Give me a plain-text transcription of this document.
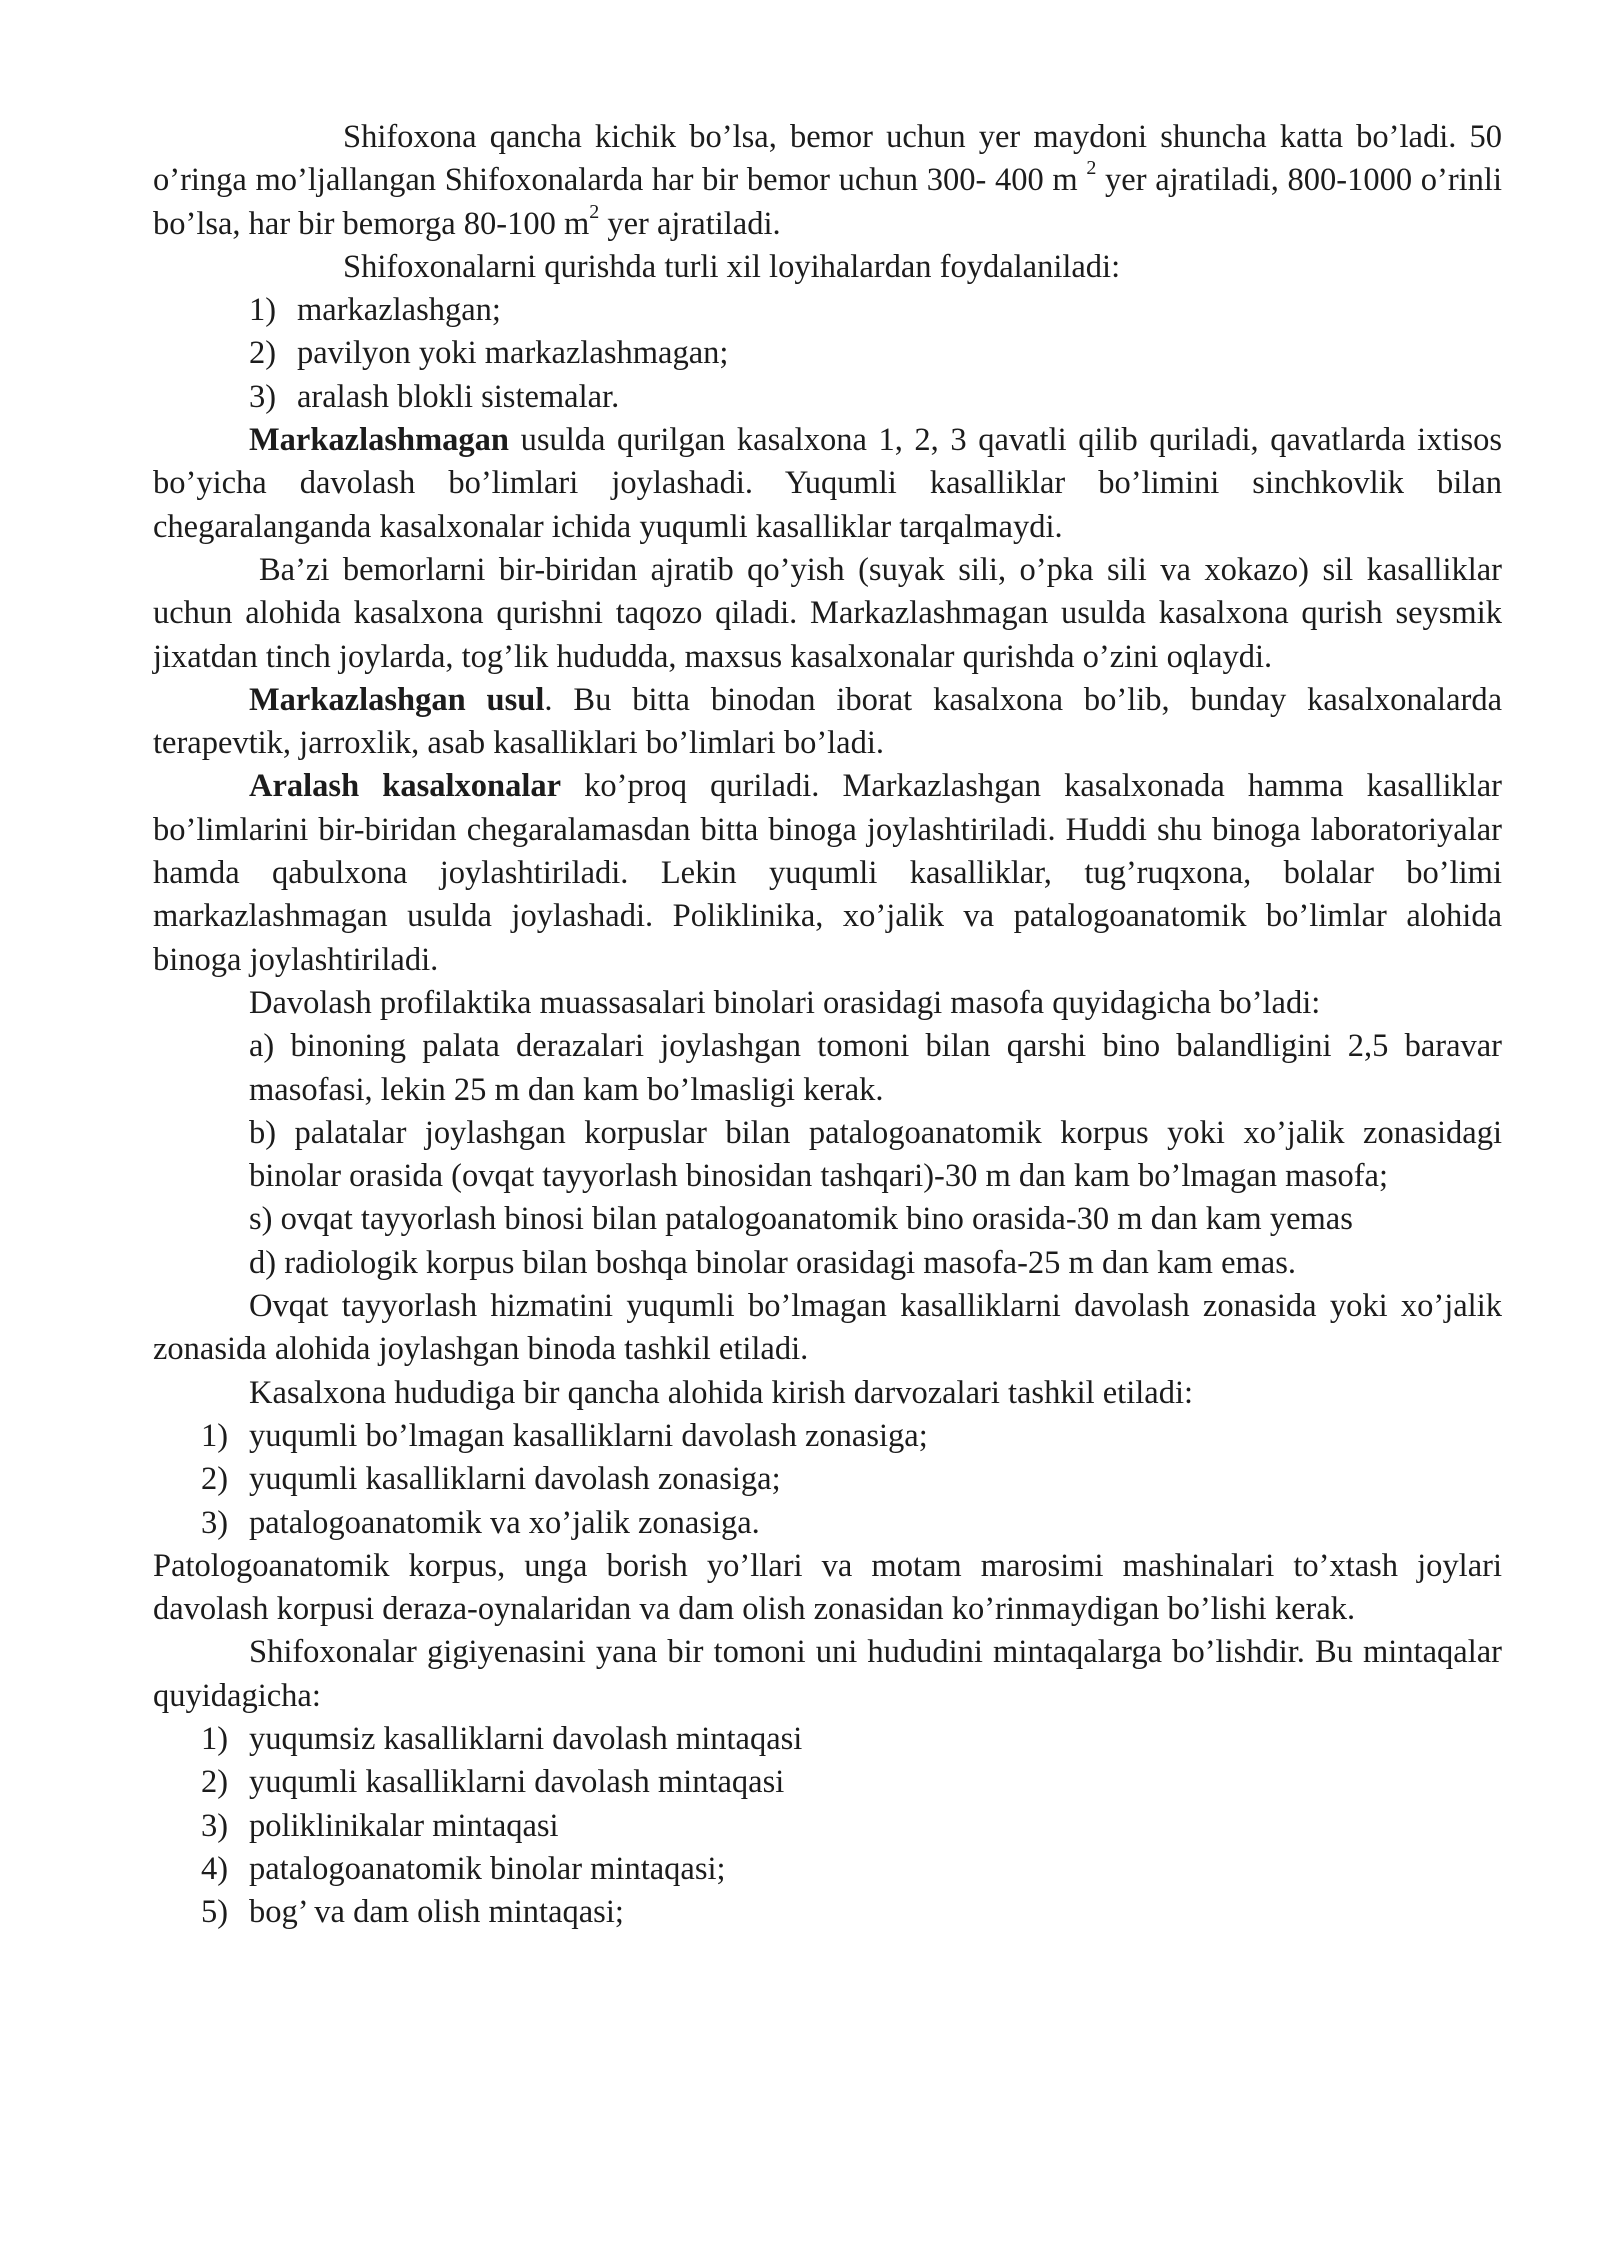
Shifoxona qancha kichik bo’lsa, bemor uchun yer maydoni shuncha katta bo’ladi. 50 o’ringa mo’ljallangan Shifoxonalarda har bir bemor uchun 300- 400 m $^2$ yer ajratiladi, 800-1000 o’rinli bo’lsa, har bir bemorga 80-100 $m^2$ yer ajratiladi.

Shifoxonalarni qurishda turli xil loyihalardan foydalaniladi:

1) markazlashgan;
2) pavilyon yoki markazlashmagan;
3) aralash blokli sistemalar.

Markazlashmagan usulda qurilgan kasalxona 1, 2, 3 qavatli qilib quriladi, qavatlarda ixtisos bo’yicha davolash bo’limlari joylashadi. Yuqumli kasalliklar bo’limini sinchkovlik bilan chegaralanganda kasalxonalar ichida yuqumli kasalliklar tarqalmaydi.

Ba’zi bemorlarni bir-biridan ajratib qo’yish (suyak sili, o’pka sili va xokazo) sil kasalliklar uchun alohida kasalxona qurishni taqozo qiladi. Markazlashmagan usulda kasalxona qurish seysmik jixatdan tinch joylarda, tog’lik hududda, maxsus kasalxonalar qurishda o’zini oqlaydi.

Markazlashgan usul. Bu bitta binodan iborat kasalxona bo’lib, bunday kasalxonalarda terapevtik, jarroxlik, asab kasalliklari bo’limlari bo’ladi.

Aralash kasalxonalar ko’proq quriladi. Markazlashgan kasalxonada hamma kasalliklar bo’limlarini bir-biridan chegaralamasdan bitta binoga joylashtiriladi. Huddi shu binoga laboratoriyalar hamda qabulxona joylashtiriladi. Lekin yuqumli kasalliklar, tug’ruqxona, bolalar bo’limi markazlashmagan usulda joylashadi. Poliklinika, xo’jalik va patalogoanatomik bo’limlar alohida binoga joylashtiriladi.

Davolash profilaktika muassasalari binolari orasidagi masofa quyidagicha bo’ladi:

a) binoning palata derazalari joylashgan tomoni bilan qarshi bino balandligini 2,5 baravar masofasi, lekin 25 m dan kam bo’lmasligi kerak.

b) palatalar joylashgan korpuslar bilan patalogoanatomik korpus yoki xo’jalik zonasidagi binolar orasida (ovqat tayyorlash binosidan tashqari)-30 m dan kam bo’lmagan masofa;

s) ovqat tayyorlash binosi bilan patalogoanatomik bino orasida-30 m dan kam yemas

d) radiologik korpus bilan boshqa binolar orasidagi masofa-25 m dan kam emas.

Ovqat tayyorlash hizmatini yuqumli bo’lmagan kasalliklarni davolash zonasida yoki xo’jalik zonasida alohida joylashgan binoda tashkil etiladi.

Kasalxona hududiga bir qancha alohida kirish darvozalari tashkil etiladi:

1) yuqumli bo’lmagan kasalliklarni davolash zonasiga;
2) yuqumli kasalliklarni davolash zonasiga;
3) patalogoanatomik va xo’jalik zonasiga.

Patologoanatomik korpus, unga borish yo’llari va motam marosimi mashinalari to’xtash joylari davolash korpusi deraza-oynalaridan va dam olish zonasidan ko’rinmaydigan bo’lishi kerak.

Shifoxonalar gigiyenasini yana bir tomoni uni hududini mintaqalarga bo’lishdir. Bu mintaqalar quyidagicha:

1) yuqumsiz kasalliklarni davolash mintaqasi
2) yuqumli kasalliklarni davolash mintaqasi
3) poliklinikalar mintaqasi
4) patalogoanatomik binolar mintaqasi;
5) bog’ va dam olish mintaqasi;
